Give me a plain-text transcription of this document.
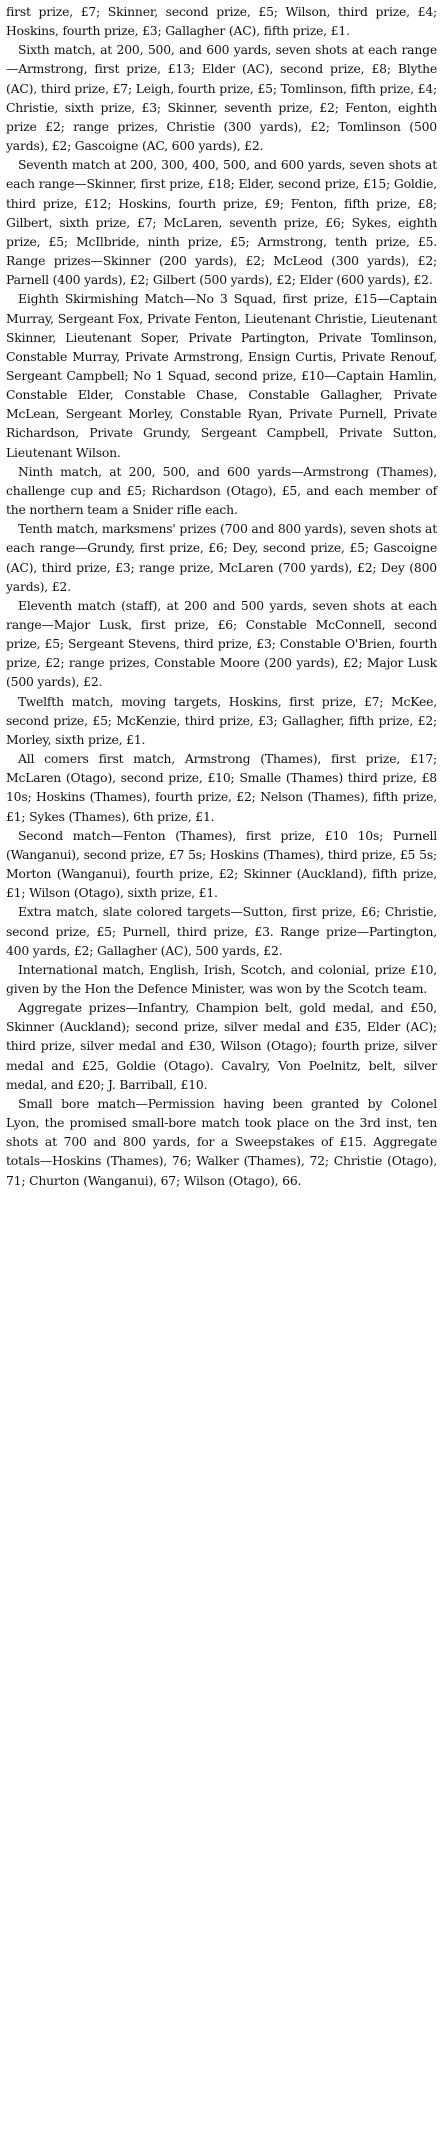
first prize, £7; Skinner, second prize, £5; Wilson, third prize, £4; Hoskins, fourth prize, £3; Gallagher (AC), fifth prize, £1.

Sixth match, at 200, 500, and 600 yards, seven shots at each range—Armstrong, first prize, £13; Elder (AC), second prize, £8; Blythe (AC), third prize, £7; Leigh, fourth prize, £5; Tomlinson, fifth prize, £4; Christie, sixth prize, £3; Skinner, seventh prize, £2; Fenton, eighth prize £2; range prizes, Christie (300 yards), £2; Tomlinson (500 yards), £2; Gascoigne (AC, 600 yards), £2.

Seventh match at 200, 300, 400, 500, and 600 yards, seven shots at each range—Skinner, first prize, £18; Elder, second prize, £15; Goldie, third prize, £12; Hoskins, fourth prize, £9; Fenton, fifth prize, £8; Gilbert, sixth prize, £7; McLaren, seventh prize, £6; Sykes, eighth prize, £5; McIlbride, ninth prize, £5; Armstrong, tenth prize, £5. Range prizes—Skinner (200 yards), £2; McLeod (300 yards), £2; Parnell (400 yards), £2; Gilbert (500 yards), £2; Elder (600 yards), £2.

Eighth Skirmishing Match—No 3 Squad, first prize, £15—Captain Murray, Sergeant Fox, Private Fenton, Lieutenant Christie, Lieutenant Skinner, Lieutenant Soper, Private Partington, Private Tomlinson, Constable Murray, Private Armstrong, Ensign Curtis, Private Renouf, Sergeant Campbell; No 1 Squad, second prize, £10—Captain Hamlin, Constable Elder, Constable Chase, Constable Gallagher, Private McLean, Sergeant Morley, Constable Ryan, Private Purnell, Private Richardson, Private Grundy, Sergeant Campbell, Private Sutton, Lieutenant Wilson.

Ninth match, at 200, 500, and 600 yards—Armstrong (Thames), challenge cup and £5; Richardson (Otago), £5, and each member of the northern team a Snider rifle each.

Tenth match, marksmens' prizes (700 and 800 yards), seven shots at each range—Grundy, first prize, £6; Dey, second prize, £5; Gascoigne (AC), third prize, £3; range prize, McLaren (700 yards), £2; Dey (800 yards), £2.

Eleventh match (staff), at 200 and 500 yards, seven shots at each range—Major Lusk, first prize, £6; Constable McConnell, second prize, £5; Sergeant Stevens, third prize, £3; Constable O'Brien, fourth prize, £2; range prizes, Constable Moore (200 yards), £2; Major Lusk (500 yards), £2.

Twelfth match, moving targets, Hoskins, first prize, £7; McKee, second prize, £5; McKenzie, third prize, £3; Gallagher, fifth prize, £2; Morley, sixth prize, £1.

All comers first match, Armstrong (Thames), first prize, £17; McLaren (Otago), second prize, £10; Smalle (Thames) third prize, £8 10s; Hoskins (Thames), fourth prize, £2; Nelson (Thames), fifth prize, £1; Sykes (Thames), 6th prize, £1.

Second match—Fenton (Thames), first prize, £10 10s; Purnell (Wanganui), second prize, £7 5s; Hoskins (Thames), third prize, £5 5s; Morton (Wanganui), fourth prize, £2; Skinner (Auckland), fifth prize, £1; Wilson (Otago), sixth prize, £1.

Extra match, slate colored targets—Sutton, first prize, £6; Christie, second prize, £5; Purnell, third prize, £3. Range prize—Partington, 400 yards, £2; Gallagher (AC), 500 yards, £2.

International match, English, Irish, Scotch, and colonial, prize £10, given by the Hon the Defence Minister, was won by the Scotch team.

Aggregate prizes—Infantry, Champion belt, gold medal, and £50, Skinner (Auckland); second prize, silver medal and £35, Elder (AC); third prize, silver medal and £30, Wilson (Otago); fourth prize, silver medal and £25, Goldie (Otago). Cavalry, Von Poelnitz, belt, silver medal, and £20; J. Barriball, £10.

Small bore match—Permission having been granted by Colonel Lyon, the promised small-bore match took place on the 3rd inst, ten shots at 700 and 800 yards, for a Sweepstakes of £15. Aggregate totals—Hoskins (Thames), 76; Walker (Thames), 72; Christie (Otago), 71; Churton (Wanganui), 67; Wilson (Otago), 66.
